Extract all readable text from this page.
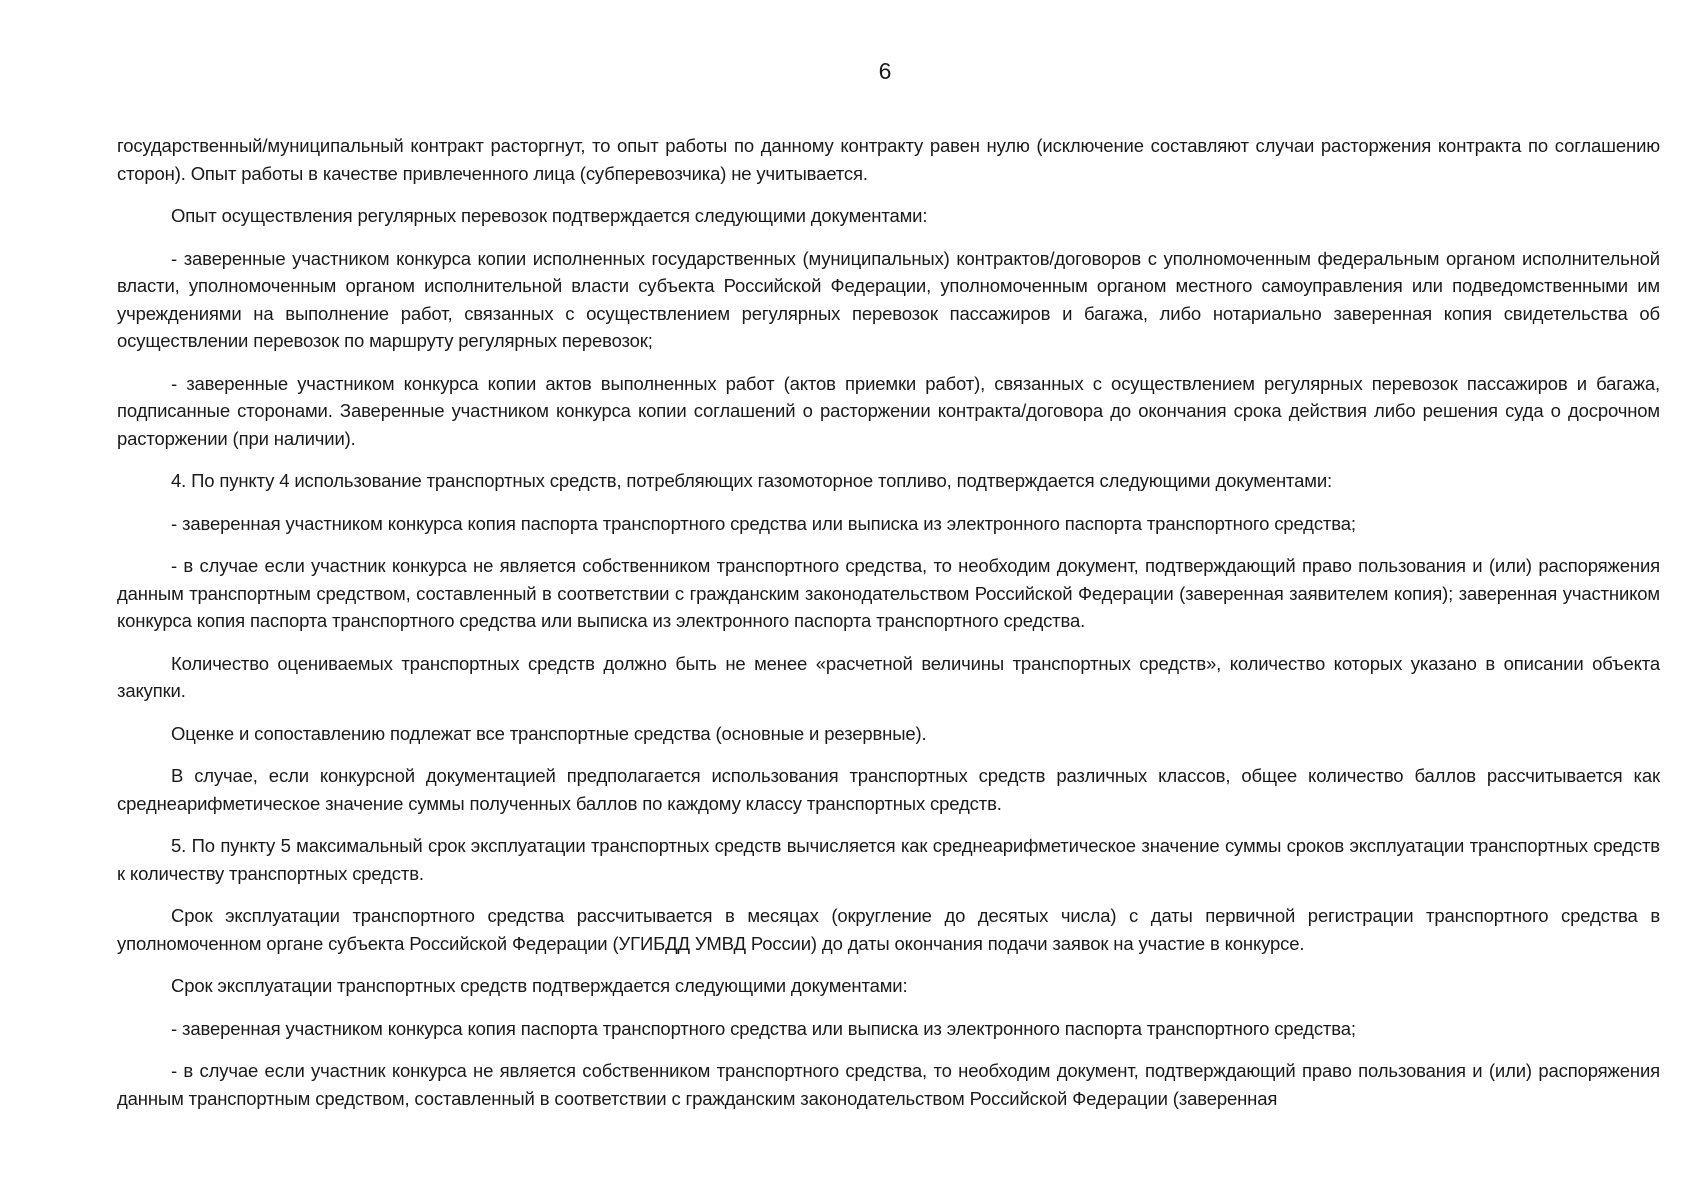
6

государственный/муниципальный контракт расторгнут, то опыт работы по данному контракту равен нулю (исключение составляют случаи расторжения контракта по соглашению сторон). Опыт работы в качестве привлеченного лица (субперевозчика) не учитывается.

Опыт осуществления регулярных перевозок подтверждается следующими документами:

- заверенные участником конкурса копии исполненных государственных (муниципальных) контрактов/договоров с уполномоченным федеральным органом исполнительной власти, уполномоченным органом исполнительной власти субъекта Российской Федерации, уполномоченным органом местного самоуправления или подведомственными им учреждениями на выполнение работ, связанных с осуществлением регулярных перевозок пассажиров и багажа, либо нотариально заверенная копия свидетельства об осуществлении перевозок по маршруту регулярных перевозок;

- заверенные участником конкурса копии актов выполненных работ (актов приемки работ), связанных с осуществлением регулярных перевозок пассажиров и багажа, подписанные сторонами. Заверенные участником конкурса копии соглашений о расторжении контракта/договора до окончания срока действия либо решения суда о досрочном расторжении (при наличии).

4. По пункту 4 использование транспортных средств, потребляющих газомоторное топливо, подтверждается следующими документами:

- заверенная участником конкурса копия паспорта транспортного средства или выписка из электронного паспорта транспортного средства;

- в случае если участник конкурса не является собственником транспортного средства, то необходим документ, подтверждающий право пользования и (или) распоряжения данным транспортным средством, составленный в соответствии с гражданским законодательством Российской Федерации (заверенная заявителем копия); заверенная участником конкурса копия паспорта транспортного средства или выписка из электронного паспорта транспортного средства.

Количество оцениваемых транспортных средств должно быть не менее «расчетной величины транспортных средств», количество которых указано в описании объекта закупки.

Оценке и сопоставлению подлежат все транспортные средства (основные и резервные).

В случае, если конкурсной документацией предполагается использования транспортных средств различных классов, общее количество баллов рассчитывается как среднеарифметическое значение суммы полученных баллов по каждому классу транспортных средств.

5. По пункту 5 максимальный срок эксплуатации транспортных средств вычисляется как среднеарифметическое значение суммы сроков эксплуатации транспортных средств к количеству транспортных средств.

Срок эксплуатации транспортного средства рассчитывается в месяцах (округление до десятых числа) с даты первичной регистрации транспортного средства в уполномоченном органе субъекта Российской Федерации (УГИБДД УМВД России) до даты окончания подачи заявок на участие в конкурсе.

Срок эксплуатации транспортных средств подтверждается следующими документами:

- заверенная участником конкурса копия паспорта транспортного средства или выписка из электронного паспорта транспортного средства;

- в случае если участник конкурса не является собственником транспортного средства, то необходим документ, подтверждающий право пользования и (или) распоряжения данным транспортным средством, составленный в соответствии с гражданским законодательством Российской Федерации (заверенная
